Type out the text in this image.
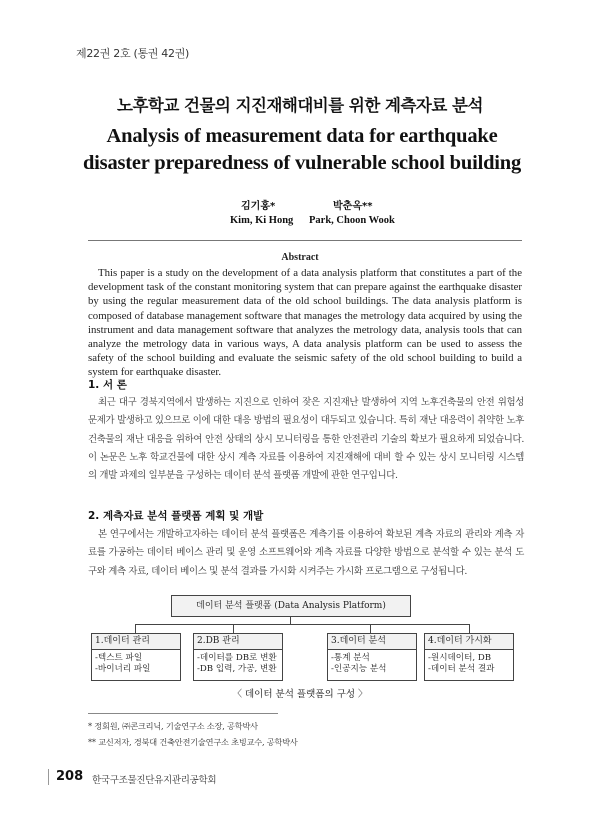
제22권 2호 (통권 42권)
노후학교 건물의 지진재해대비를 위한 계측자료 분석
Analysis of measurement data for earthquake disaster preparedness of vulnerable school building
김기홍*	박춘옥**
Kim, Ki Hong Park, Choon Wook
Abstract
This paper is a study on the development of a data analysis platform that constitutes a part of the development task of the constant monitoring system that can prepare against the earthquake disaster by using the regular measurement data of the old school buildings. The data analysis platform is composed of database management software that manages the metrology data acquired by using the instrument and data management software that analyzes the metrology data, analysis tools that can analyze the metrology data in various ways, A data analysis platform can be used to assess the safety of the school building and evaluate the seismic safety of the old school building to build a system for earthquake disaster.
1. 서 론
최근 대구 경북지역에서 발생하는 지진으로 인하여 잦은 지진재난 발생하여 지역 노후건축물의 안전 위험성 문제가 발생하고 있으므로 이에 대한 대응 방법의 필요성이 대두되고 있습니다. 특히 재난 대응력이 취약한 노후 건축물의 재난 대응을 위하여 안전 상태의 상시 모니터링을 통한 안전관리 기술의 확보가 필요하게 되었습니다. 이 논문은 노후 학교건물에 대한 상시 계측 자료를 이용하여 지진재해에 대비 할 수 있는 상시 모니터링 시스템의 개발 과제의 일부분을 구성하는 데이터 분석 플랫폼 개발에 관한 연구입니다.
2. 계측자료 분석 플랫폼 계획 및 개발
본 연구에서는 개발하고자하는 데이터 분석 플랫폼은 계측기를 이용하여 확보된 계측 자료의 관리와 계측 자료를 가공하는 데이터 베이스 관리 및 운영 소프트웨어와 계측 자료를 다양한 방법으로 분석할 수 있는 분석 도구와 계측 자료, 데이터 베이스 및 분석 결과를 가시화 시켜주는 가시화 프로그램으로 구성됩니다.
데이터 분석 플랫폼 (Data Analysis Platform)
1.데이터 관리
-텍스트 파일
-바이너리 파일
2.DB 관리
-데이터를 DB로 변환
-DB 입력, 가공, 변환
3.데이터 분석
-통계 분석
-인공지능 분석
4.데이터 가시화
-원시데이터, DB
-데이터 분석 결과
〈 데이터 분석 플랫폼의 구성 〉
* 정회원, ㈜콘크리닉, 기술연구소 소장, 공학박사
** 교신저자, 경북대 건축안전기술연구소 초빙교수, 공학박사
208 한국구조물진단유지관리공학회
